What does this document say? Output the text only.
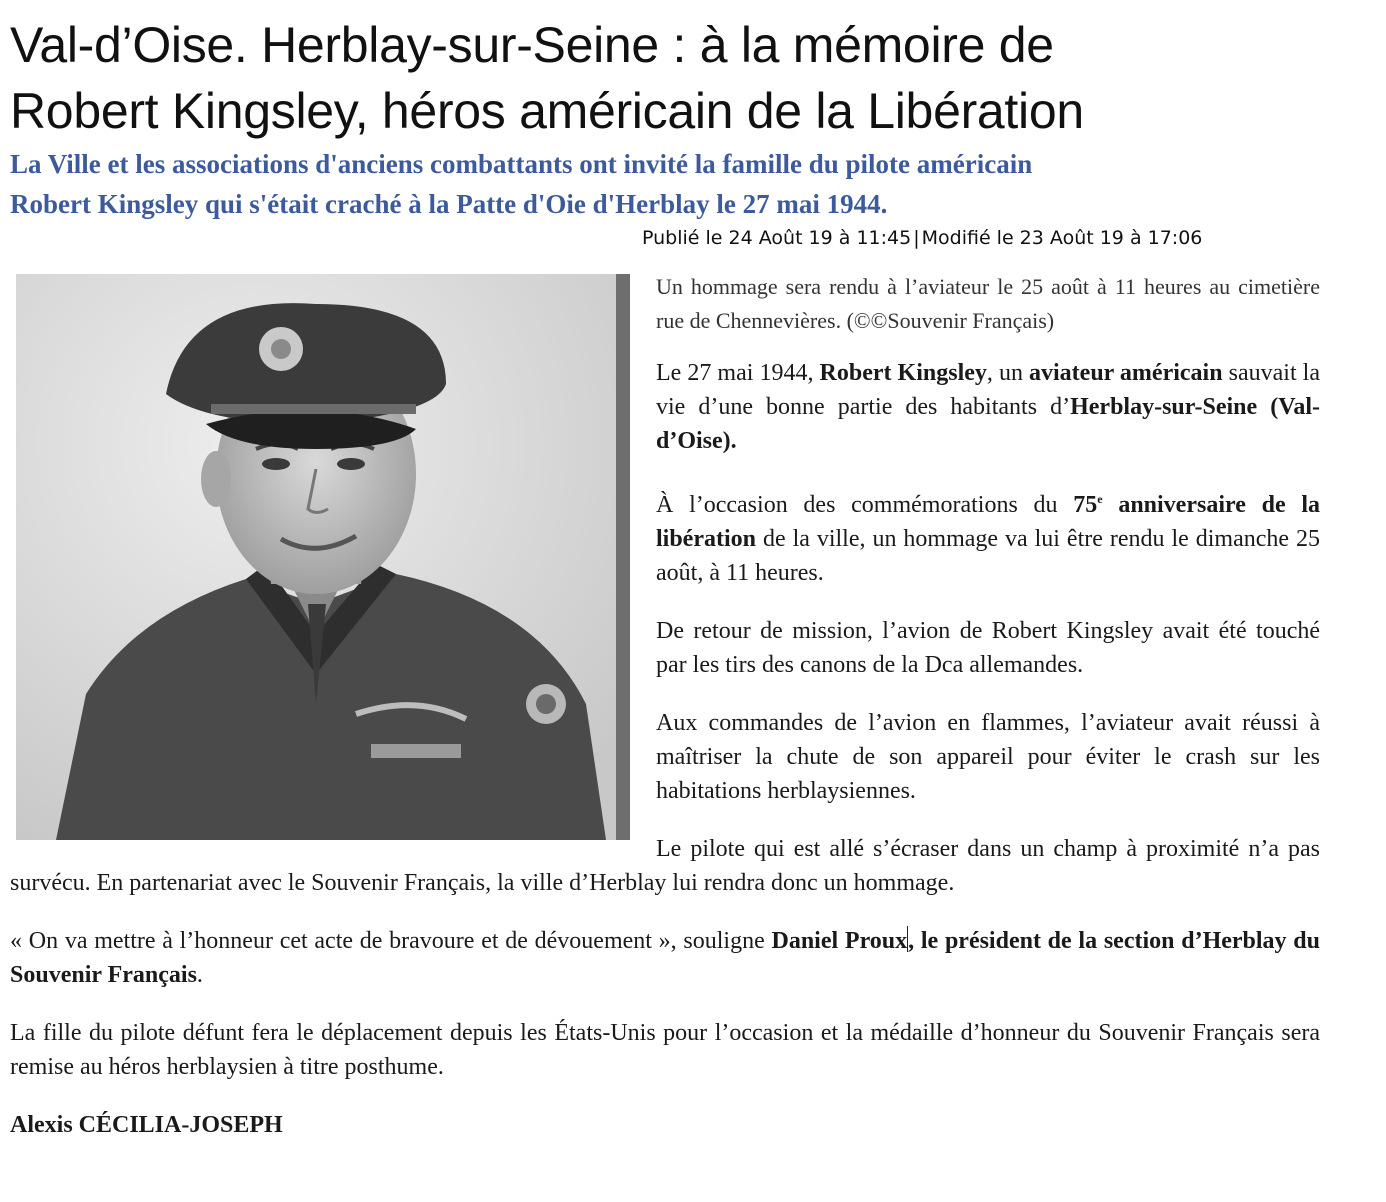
Val-d’Oise. Herblay-sur-Seine : à la mémoire de
Robert Kingsley, héros américain de la Libération

La Ville et les associations d'anciens combattants ont invité la famille du pilote américain
Robert Kingsley qui s'était craché à la Patte d'Oie d'Herblay le 27 mai 1944.

Publié le 24 Août 19 à 11:45 | Modifié le 23 Août 19 à 17:06

Un hommage sera rendu à l’aviateur le 25 août à 11 heures au cimetière rue de Chennevières. (©©Souvenir Français)

Le 27 mai 1944, Robert Kingsley, un aviateur américain sauvait la vie d’une bonne partie des habitants d’Herblay-sur-Seine (Val-d’Oise).

À l’occasion des commémorations du 75e anniversaire de la libération de la ville, un hommage va lui être rendu le dimanche 25 août, à 11 heures.

De retour de mission, l’avion de Robert Kingsley avait été touché par les tirs des canons de la Dca allemandes.

Aux commandes de l’avion en flammes, l’aviateur avait réussi à maîtriser la chute de son appareil pour éviter le crash sur les habitations herblaysiennes.

Le pilote qui est allé s’écraser dans un champ à proximité n’a pas survécu. En partenariat avec le Souvenir Français, la ville d’Herblay lui rendra donc un hommage.

« On va mettre à l’honneur cet acte de bravoure et de dévouement », souligne Daniel Proux, le président de la section d’Herblay du Souvenir Français.

La fille du pilote défunt fera le déplacement depuis les États-Unis pour l’occasion et la médaille d’honneur du Souvenir Français sera remise au héros herblaysien à titre posthume.

Alexis CÉCILIA-JOSEPH
